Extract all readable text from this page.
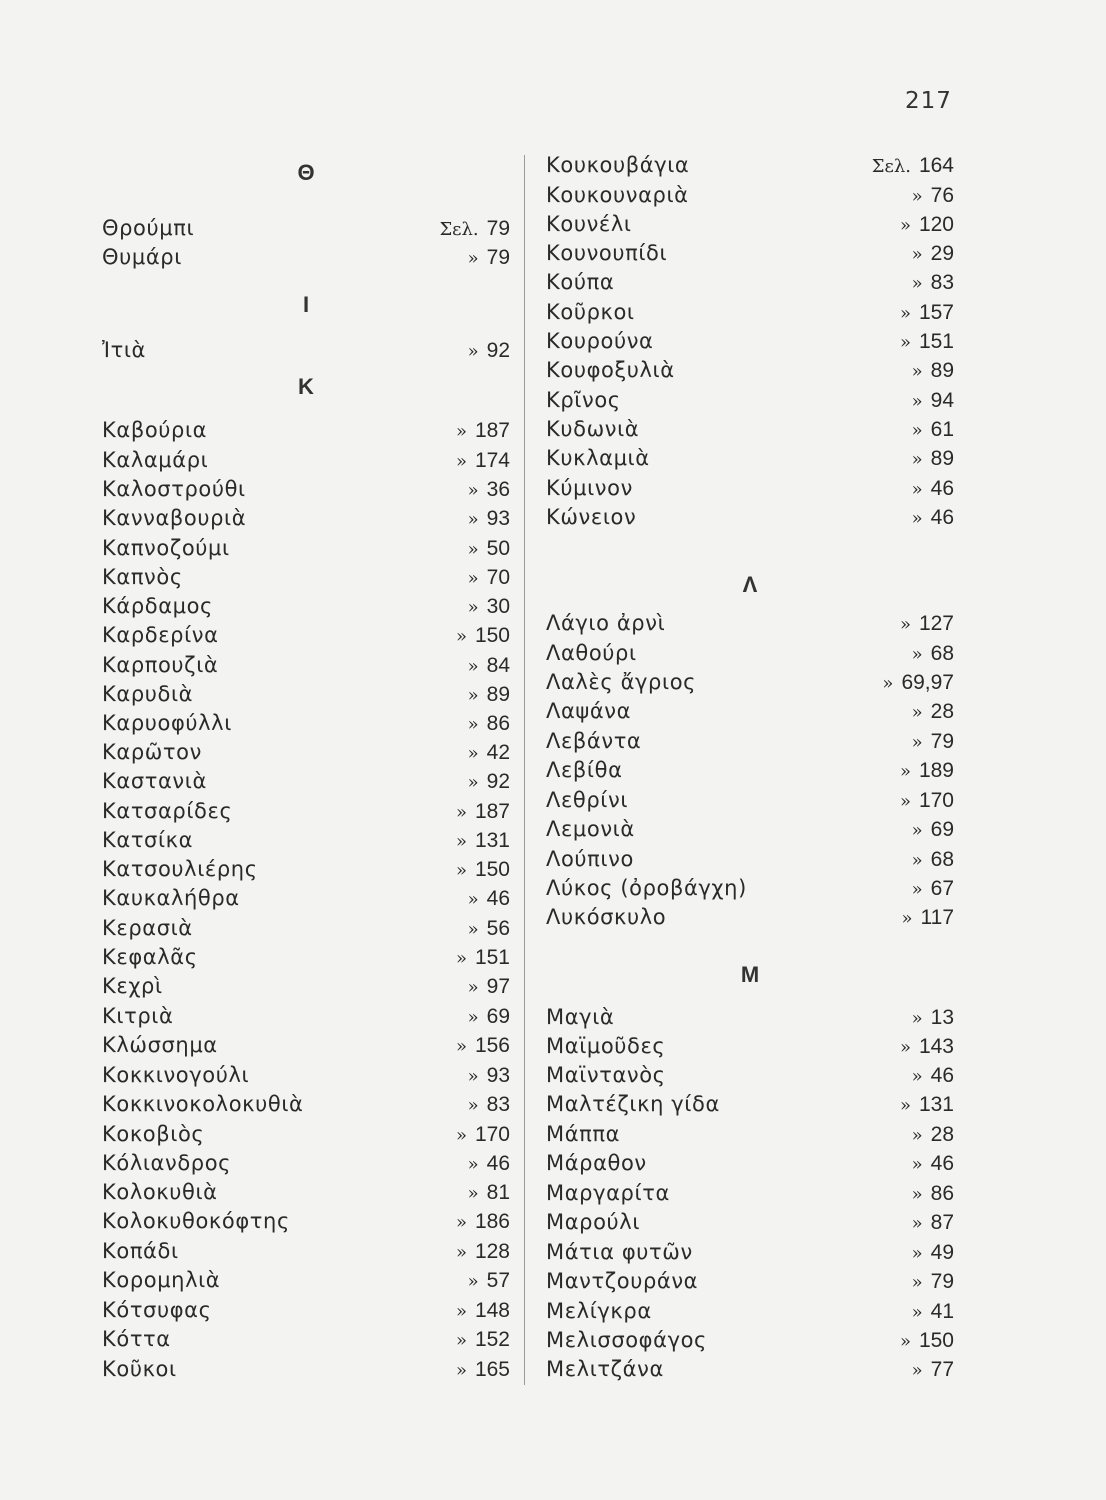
217
Θ
Θρούμπι	Σελ. 79
Θυμάρι	» 79
Ι
Ἰτιὰ	» 92
Κ
Καβούρια	» 187
Καλαμάρι	» 174
Καλοστρούθι	» 36
Κανναβουριὰ	» 93
Καπνοζούμι	» 50
Καπνὸς	» 70
Κάρδαμος	» 30
Καρδερίνα	» 150
Καρπουζιὰ	» 84
Καρυδιὰ	» 89
Καρυοφύλλι	» 86
Καρῶτον	» 42
Καστανιὰ	» 92
Κατσαρίδες	» 187
Κατσίκα	» 131
Κατσουλιέρης	» 150
Καυκαλήθρα	» 46
Κερασιὰ	» 56
Κεφαλᾶς	» 151
Κεχρὶ	» 97
Κιτριὰ	» 69
Κλώσσημα	» 156
Κοκκινογούλι	» 93
Κοκκινοκολοκυθιὰ	» 83
Κοκοβιὸς	» 170
Κόλιανδρος	» 46
Κολοκυθιὰ	» 81
Κολοκυθοκόφτης	» 186
Κοπάδι	» 128
Κορομηλιὰ	» 57
Κότσυφας	» 148
Κόττα	» 152
Κοῦκοι	» 165
Κουκουβάγια	Σελ. 164
Κουκουναριὰ	» 76
Κουνέλι	» 120
Κουνουπίδι	» 29
Κούπα	» 83
Κοῦρκοι	» 157
Κουρούνα	» 151
Κουφοξυλιὰ	» 89
Κρῖνος	» 94
Κυδωνιὰ	» 61
Κυκλαμιὰ	» 89
Κύμινον	» 46
Κώνειον	» 46
Λ
Λάγιο ἀρνὶ	» 127
Λαθούρι	» 68
Λαλὲς ἄγριος	» 69,97
Λαψάνα	» 28
Λεβάντα	» 79
Λεβίθα	» 189
Λεθρίνι	» 170
Λεμονιὰ	» 69
Λούπινο	» 68
Λύκος (ὀροβάγχη)	» 67
Λυκόσκυλο	» 117
Μ
Μαγιὰ	» 13
Μαϊμοῦδες	» 143
Μαϊντανὸς	» 46
Μαλτέζικη γίδα	» 131
Μάππα	» 28
Μάραθον	» 46
Μαργαρίτα	» 86
Μαρούλι	» 87
Μάτια φυτῶν	» 49
Μαντζουράνα	» 79
Μελίγκρα	» 41
Μελισσοφάγος	» 150
Μελιτζάνα	» 77
